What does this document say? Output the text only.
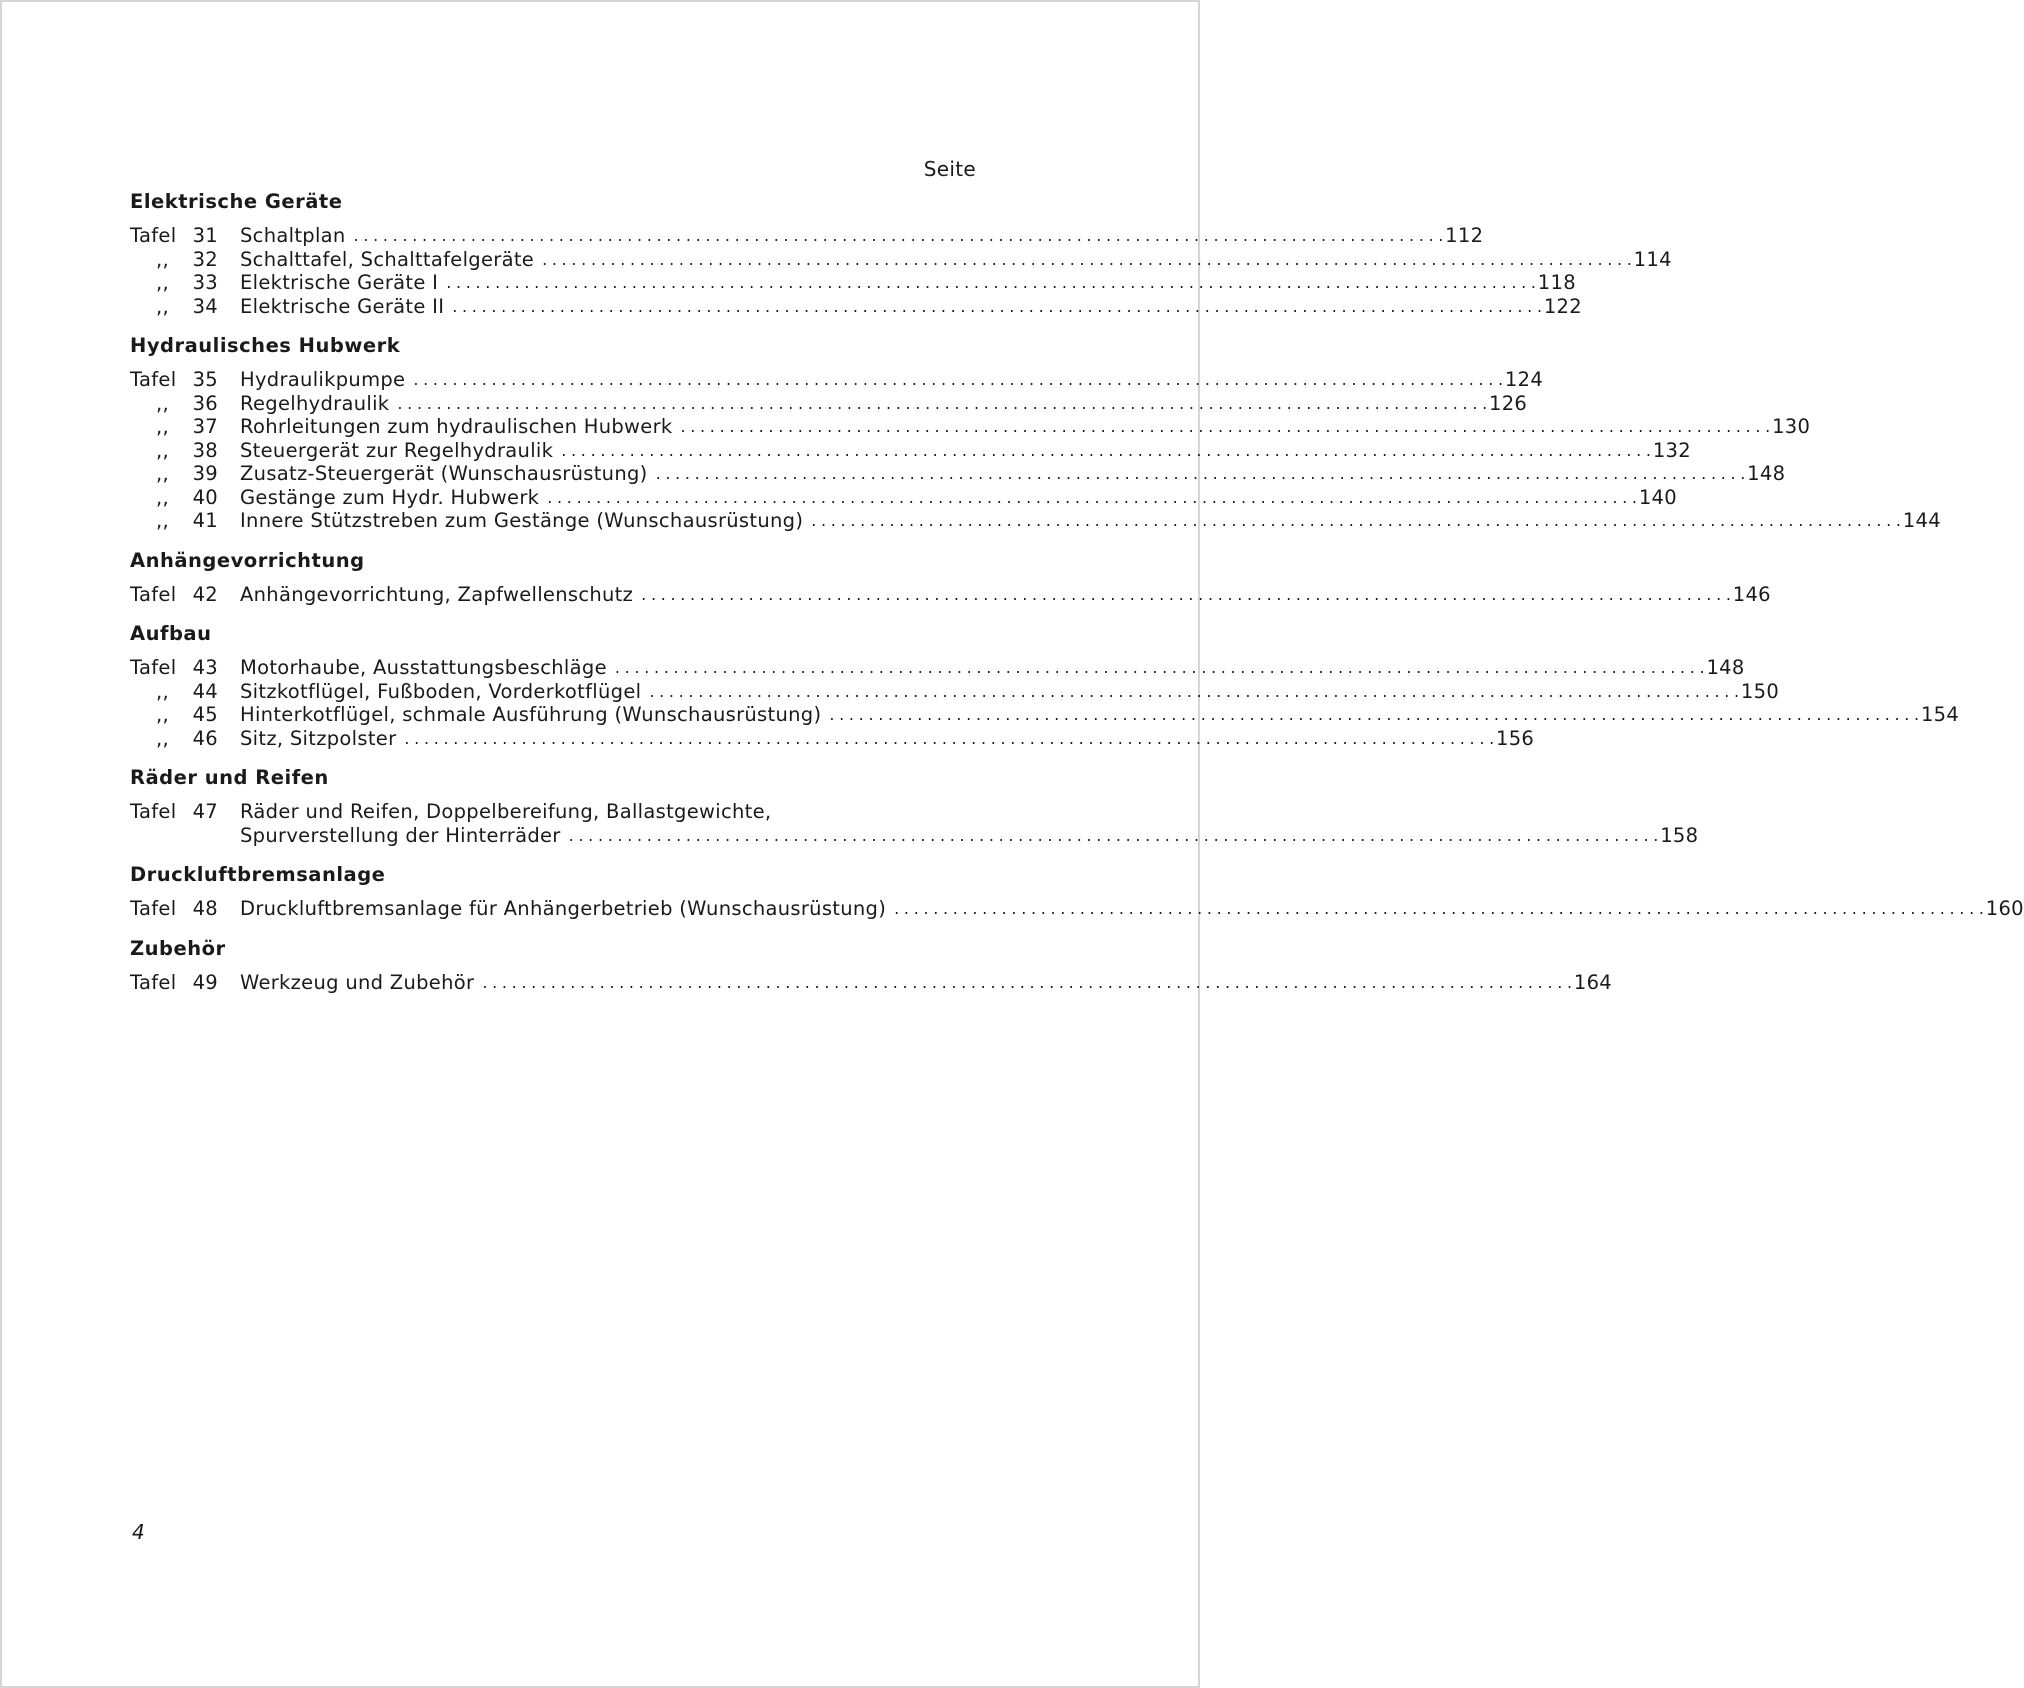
Seite
Elektrische Geräte
Tafel 31 Schaltplan . . .	112
,,	32 Schalttafel, Schalttafelgeräte . . .	114
,,	33 Elektrische Geräte I . . .	118
,,	34 Elektrische Geräte II . . .	122
Hydraulisches Hubwerk
Tafel 35 Hydraulikpumpe . . .	124
,,	36 Regelhydraulik . . .	126
,,	37 Rohrleitungen zum hydraulischen Hubwerk . . .	130
,,	38 Steuergerät zur Regelhydraulik . . .	132
,,	39 Zusatz-Steuergerät (Wunschausrüstung) . . .	148
,,	40 Gestänge zum Hydr. Hubwerk . . .	140
,,	41 Innere Stützstreben zum Gestänge (Wunschausrüstung) . . .	144
Anhängevorrichtung
Tafel 42 Anhängevorrichtung, Zapfwellenschutz . . .	146
Aufbau
Tafel 43 Motorhaube, Ausstattungsbeschläge . . .	148
,,	44 Sitzkotflügel, Fußboden, Vorderkotflügel . . .	150
,,	45 Hinterkotflügel, schmale Ausführung (Wunschausrüstung) . . .	154
,,	46 Sitz, Sitzpolster . . .	156
Räder und Reifen
Tafel 47 Räder und Reifen, Doppelbereifung, Ballastgewichte,
Spurverstellung der Hinterräder . . .	158
Druckluftbremsanlage
Tafel 48 Druckluftbremsanlage für Anhängerbetrieb (Wunschausrüstung) . . .	160
Zubehör
Tafel 49 Werkzeug und Zubehör . . .	164
4
